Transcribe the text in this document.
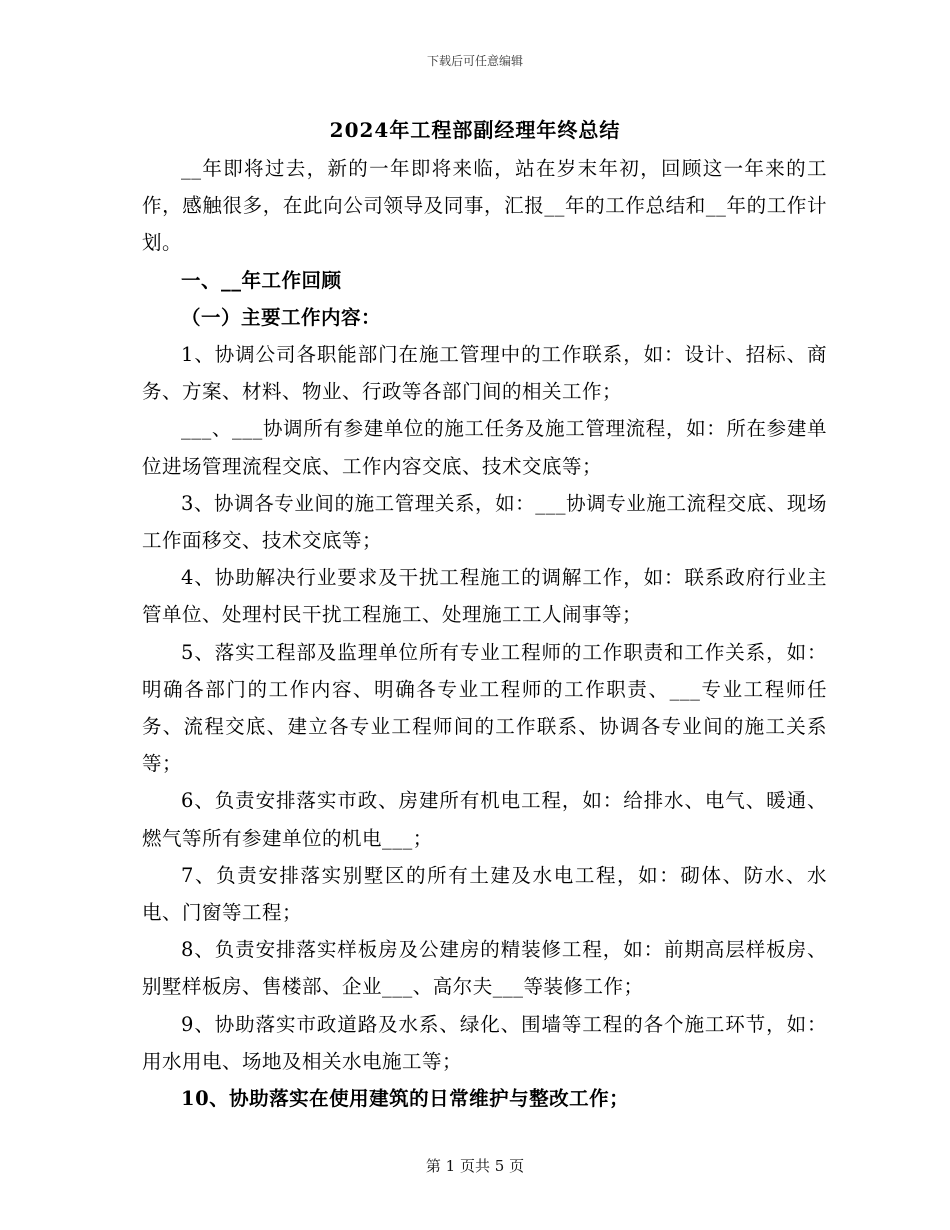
下载后可任意编辑
2024年工程部副经理年终总结

__年即将过去，新的一年即将来临，站在岁末年初，回顾这一年来的工作，感触很多，在此向公司领导及同事，汇报__年的工作总结和__年的工作计划。

一、__年工作回顾

（一）主要工作内容：

1、协调公司各职能部门在施工管理中的工作联系，如：设计、招标、商务、方案、材料、物业、行政等各部门间的相关工作；

___、___协调所有参建单位的施工任务及施工管理流程，如：所在参建单位进场管理流程交底、工作内容交底、技术交底等；

3、协调各专业间的施工管理关系，如：___协调专业施工流程交底、现场工作面移交、技术交底等；

4、协助解决行业要求及干扰工程施工的调解工作，如：联系政府行业主管单位、处理村民干扰工程施工、处理施工工人闹事等；

5、落实工程部及监理单位所有专业工程师的工作职责和工作关系，如：明确各部门的工作内容、明确各专业工程师的工作职责、___专业工程师任务、流程交底、建立各专业工程师间的工作联系、协调各专业间的施工关系等；

6、负责安排落实市政、房建所有机电工程，如：给排水、电气、暖通、燃气等所有参建单位的机电___；

7、负责安排落实别墅区的所有土建及水电工程，如：砌体、防水、水电、门窗等工程；

8、负责安排落实样板房及公建房的精装修工程，如：前期高层样板房、别墅样板房、售楼部、企业___、高尔夫___等装修工作；

9、协助落实市政道路及水系、绿化、围墙等工程的各个施工环节，如：用水用电、场地及相关水电施工等；

10、协助落实在使用建筑的日常维护与整改工作；

第 1 页共 5 页
